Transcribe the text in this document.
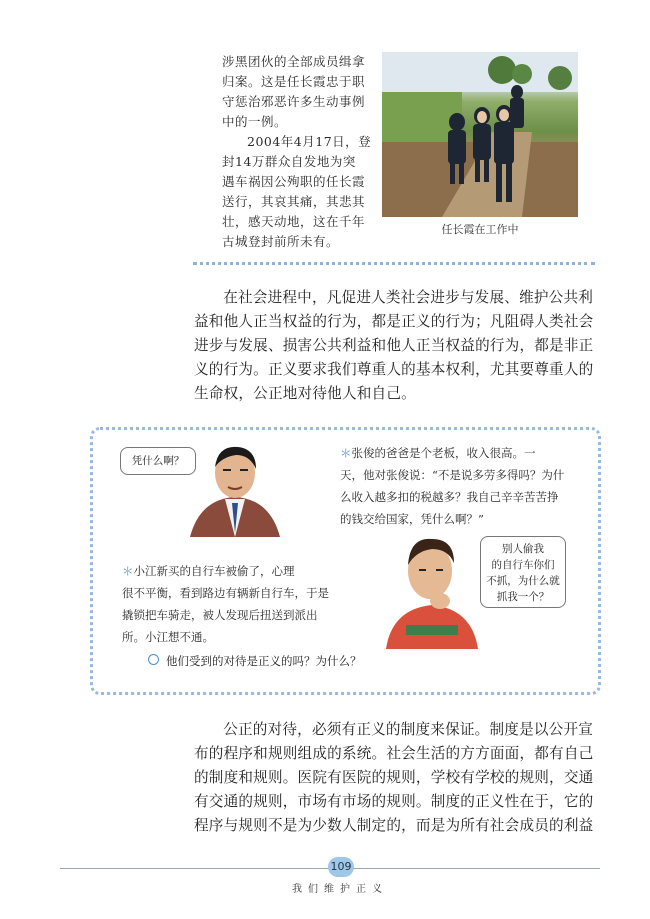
涉黑团伙的全部成员缉拿

归案。这是任长霞忠于职

守惩治邪恶许多生动事例

中的一例。

2004年4月17日，登

封14万群众自发地为突

遇车祸因公殉职的任长霞

送行，其哀其痛，其悲其

壮，感天动地，这在千年

古城登封前所未有。

任长霞在工作中

在社会进程中，凡促进人类社会进步与发展、维护公共利

益和他人正当权益的行为，都是正义的行为；凡阻碍人类社会

进步与发展、损害公共利益和他人正当权益的行为，都是非正

义的行为。正义要求我们尊重人的基本权利，尤其要尊重人的

生命权，公正地对待他人和自己。

凭什么啊？

＊张俊的爸爸是个老板，收入很高。一

天，他对张俊说：“不是说多劳多得吗？为什

么收入越多扣的税越多？我自己辛辛苦苦挣

的钱交给国家，凭什么啊？”

别人偷我
的自行车你们
不抓，为什么就
抓我一个？

＊小江新买的自行车被偷了，心理

很不平衡，看到路边有辆新自行车，于是

撬锁把车骑走，被人发现后扭送到派出

所。小江想不通。

他们受到的对待是正义的吗？为什么？

公正的对待，必须有正义的制度来保证。制度是以公开宣

布的程序和规则组成的系统。社会生活的方方面面，都有自己

的制度和规则。医院有医院的规则，学校有学校的规则，交通

有交通的规则，市场有市场的规则。制度的正义性在于，它的

程序与规则不是为少数人制定的，而是为所有社会成员的利益

109
我们维护正义
